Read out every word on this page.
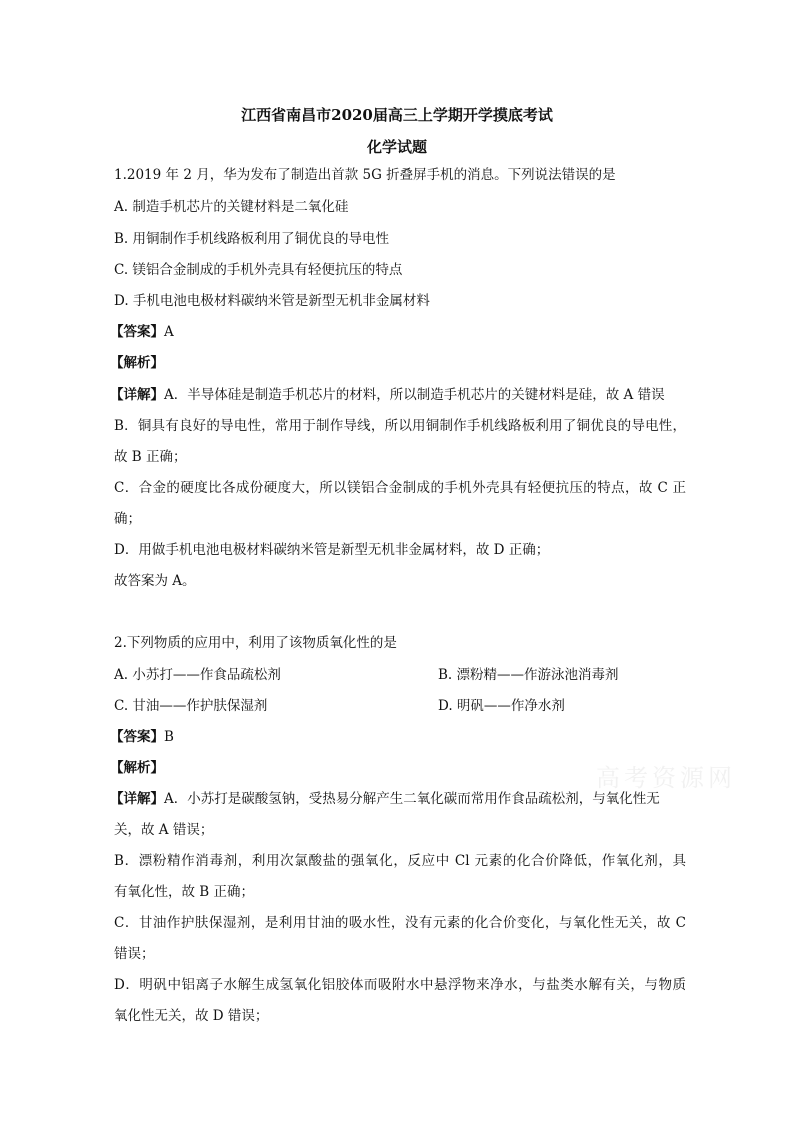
江西省南昌市2020届高三上学期开学摸底考试
化学试题
1.2019 年 2 月，华为发布了制造出首款 5G 折叠屏手机的消息。下列说法错误的是
A. 制造手机芯片的关键材料是二氧化硅
B. 用铜制作手机线路板利用了铜优良的导电性
C. 镁铝合金制成的手机外壳具有轻便抗压的特点
D. 手机电池电极材料碳纳米管是新型无机非金属材料
【答案】A
【解析】
【详解】A．半导体硅是制造手机芯片的材料，所以制造手机芯片的关键材料是硅，故 A 错误
B．铜具有良好的导电性，常用于制作导线，所以用铜制作手机线路板利用了铜优良的导电性，
故 B 正确；
C．合金的硬度比各成份硬度大，所以镁铝合金制成的手机外壳具有轻便抗压的特点，故 C 正
确；
D．用做手机电池电极材料碳纳米管是新型无机非金属材料，故 D 正确；
故答案为 A。
2.下列物质的应用中，利用了该物质氧化性的是
A. 小苏打——作食品疏松剂	B. 漂粉精——作游泳池消毒剂
C. 甘油——作护肤保湿剂	D. 明矾——作净水剂
【答案】B
【解析】
【详解】A．小苏打是碳酸氢钠，受热易分解产生二氧化碳而常用作食品疏松剂，与氧化性无
关，故 A 错误；
B．漂粉精作消毒剂，利用次氯酸盐的强氧化，反应中 Cl 元素的化合价降低，作氧化剂，具
有氧化性，故 B 正确；
C．甘油作护肤保湿剂，是利用甘油的吸水性，没有元素的化合价变化，与氧化性无关，故 C
错误；
D．明矾中铝离子水解生成氢氧化铝胶体而吸附水中悬浮物来净水，与盐类水解有关，与物质
氧化性无关，故 D 错误；
高考资源网
